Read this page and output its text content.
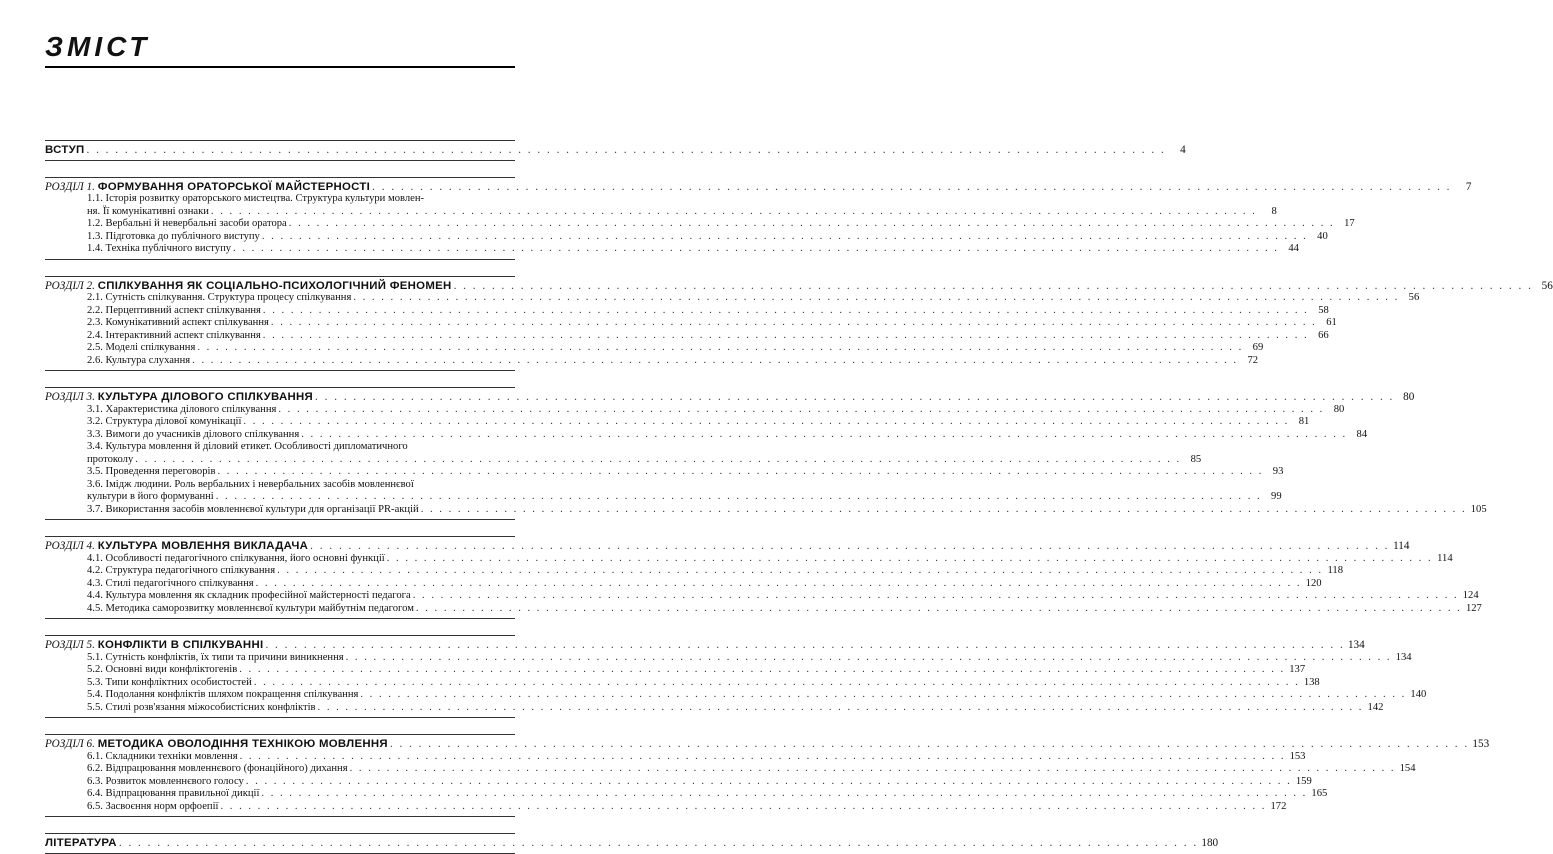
ЗМІСТ
ВСТУП . . .	4
РОЗДІЛ 1. ФОРМУВАННЯ ОРАТОРСЬКОЇ МАЙСТЕРНОСТІ . . .	7
1.1. Історія розвитку ораторського мистецтва. Структура культури мовлен-
ня. Її комунікативні ознаки . . .	8
1.2. Вербальні й невербальні засоби оратора . . .	17
1.3. Підготовка до публічного виступу . . .	40
1.4. Техніка публічного виступу . . .	44
РОЗДІЛ 2. СПІЛКУВАННЯ ЯК СОЦІАЛЬНО-ПСИХОЛОГІЧНИЙ ФЕНОМЕН . . .	56
2.1. Сутність спілкування. Структура процесу спілкування . . .	56
2.2. Перцептивний аспект спілкування . . .	58
2.3. Комунікативний аспект спілкування . . .	61
2.4. Інтерактивний аспект спілкування . . .	66
2.5. Моделі спілкування . . .	69
2.6. Культура слухання . . .	72
РОЗДІЛ 3. КУЛЬТУРА ДІЛОВОГО СПІЛКУВАННЯ . . .	80
3.1. Характеристика ділового спілкування . . .	80
3.2. Структура ділової комунікації . . .	81
3.3. Вимоги до учасників ділового спілкування . . .	84
3.4. Культура мовлення й діловий етикет. Особливості дипломатичного
протоколу . . .	85
3.5. Проведення переговорів . . .	93
3.6. Імідж людини. Роль вербальних і невербальних засобів мовленнєвої
культури в його формуванні . . .	99
3.7. Використання засобів мовленнєвої культури для організації PR-акцій . . .	105
РОЗДІЛ 4. КУЛЬТУРА МОВЛЕННЯ ВИКЛАДАЧА . . .	114
4.1. Особливості педагогічного спілкування, його основні функції . . .	114
4.2. Структура педагогічного спілкування . . .	118
4.3. Стилі педагогічного спілкування . . .	120
4.4. Культура мовлення як складник професійної майстерності педагога . . .	124
4.5. Методика саморозвитку мовленнєвої культури майбутнім педагогом . . .	127
РОЗДІЛ 5. КОНФЛІКТИ В СПІЛКУВАННІ . . .	134
5.1. Сутність конфліктів, їх типи та причини виникнення . . .	134
5.2. Основні види конфліктогенів . . .	137
5.3. Типи конфліктних особистостей . . .	138
5.4. Подолання конфліктів шляхом покращення спілкування . . .	140
5.5. Стилі розв'язання міжособистісних конфліктів . . .	142
РОЗДІЛ 6. МЕТОДИКА ОВОЛОДІННЯ ТЕХНІКОЮ МОВЛЕННЯ . . .	153
6.1. Складники техніки мовлення . . .	153
6.2. Відпрацювання мовленнєвого (фонаційного) дихання . . .	154
6.3. Розвиток мовленнєвого голосу . . .	159
6.4. Відпрацювання правильної дикції . . .	165
6.5. Засвоєння норм орфоепії . . .	172
ЛІТЕРАТУРА . . .	180
